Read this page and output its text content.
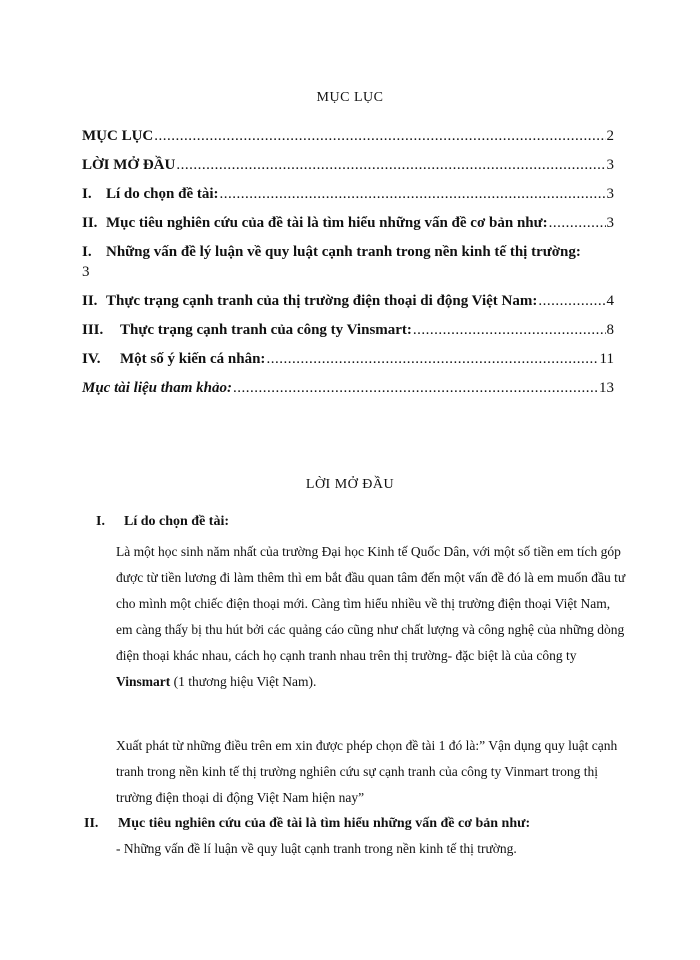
MỤC LỤC
MỤC LỤC .....	2
LỜI MỞ ĐẦU .....	3
I. Lí do chọn đề tài: .....	3
II. Mục tiêu nghiên cứu của đề tài là tìm hiểu những vấn đề cơ bản như: .....	3
I. Những vấn đề lý luận về quy luật cạnh tranh trong nền kinh tế thị trường:
3
II. Thực trạng cạnh tranh của thị trường điện thoại di động Việt Nam: .....	4
III.	Thực trạng cạnh tranh của công ty Vinsmart: .....	8
IV.	Một số ý kiến cá nhân: .....	11
Mục tài liệu tham khảo: .....	13
LỜI MỞ ĐẦU
I. Lí do chọn đề tài:
Là một học sinh năm nhất của trường Đại học Kinh tế Quốc Dân, với một số tiền em tích góp được từ tiền lương đi làm thêm thì em bắt đầu quan tâm đến một vấn đề đó là em muốn đầu tư cho mình một chiếc điện thoại mới. Càng tìm hiểu nhiều về thị trường điện thoại Việt Nam, em càng thấy bị thu hút bởi các quảng cáo cũng như chất lượng và công nghệ của những dòng điện thoại khác nhau, cách họ cạnh tranh nhau trên thị trường- đặc biệt là của công ty Vinsmart (1 thương hiệu Việt Nam).
Xuất phát từ những điều trên em xin được phép chọn đề tài 1 đó là:” Vận dụng quy luật cạnh tranh trong nền kinh tế thị trường nghiên cứu sự cạnh tranh của công ty Vinmart trong thị trường điện thoại di động Việt Nam hiện nay”
II. Mục tiêu nghiên cứu của đề tài là tìm hiểu những vấn đề cơ bản như:
- Những vấn đề lí luận về quy luật cạnh tranh trong nền kinh tế thị trường.
